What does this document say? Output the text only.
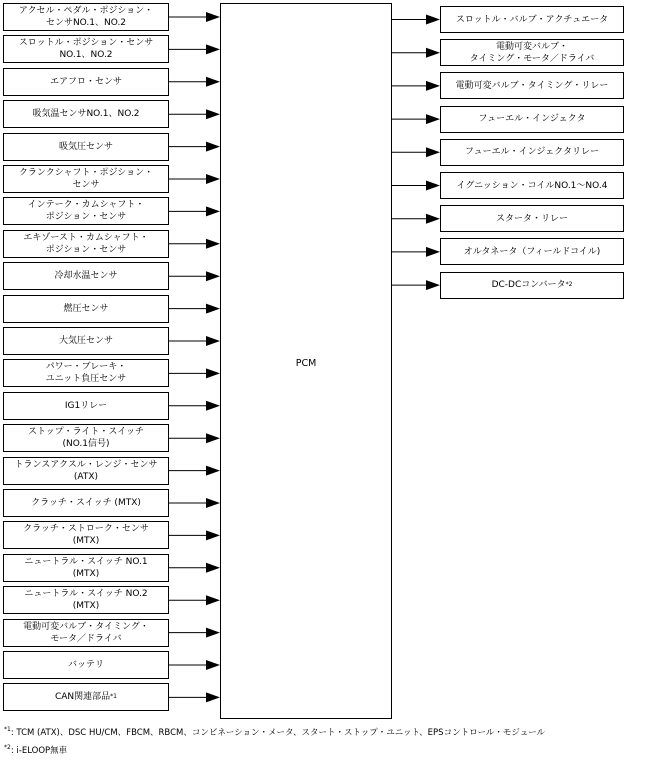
PCM
アクセル・ペダル・ポジション・
センサNO.1、NO.2
スロットル・ポジション・センサ
NO.1、NO.2
エアフロ・センサ
吸気温センサNO.1、NO.2
吸気圧センサ
クランクシャフト・ポジション・
センサ
インテーク・カムシャフト・
ポジション・センサ
エキゾースト・カムシャフト・
ポジション・センサ
冷却水温センサ
燃圧センサ
大気圧センサ
パワー・ブレーキ・
ユニット負圧センサ
IG1リレー
ストップ・ライト・スイッチ
(NO.1信号)
トランスアクスル・レンジ・センサ
(ATX)
クラッチ・スイッチ (MTX)
クラッチ・ストローク・センサ
(MTX)
ニュートラル・スイッチ NO.1
(MTX)
ニュートラル・スイッチ NO.2
(MTX)
電動可変バルブ・タイミング・
モータ／ドライバ
バッテリ
CAN関連部品 *1
スロットル・バルブ・アクチュエータ
電動可変バルブ・
タイミング・モータ／ドライバ
電動可変バルブ・タイミング・リレー
フューエル・インジェクタ
フューエル・インジェクタリレー
イグニッション・コイルNO.1〜NO.4
スタータ・リレー
オルタネータ（フィールドコイル)
DC-DCコンバータ *2
$^{*1}$: TCM (ATX)、DSC HU/CM、FBCM、RBCM、コンビネーション・メータ、スタート・ストップ・ユニット、EPSコントロール・モジュール
$^{*2}$: i-ELOOP無車
